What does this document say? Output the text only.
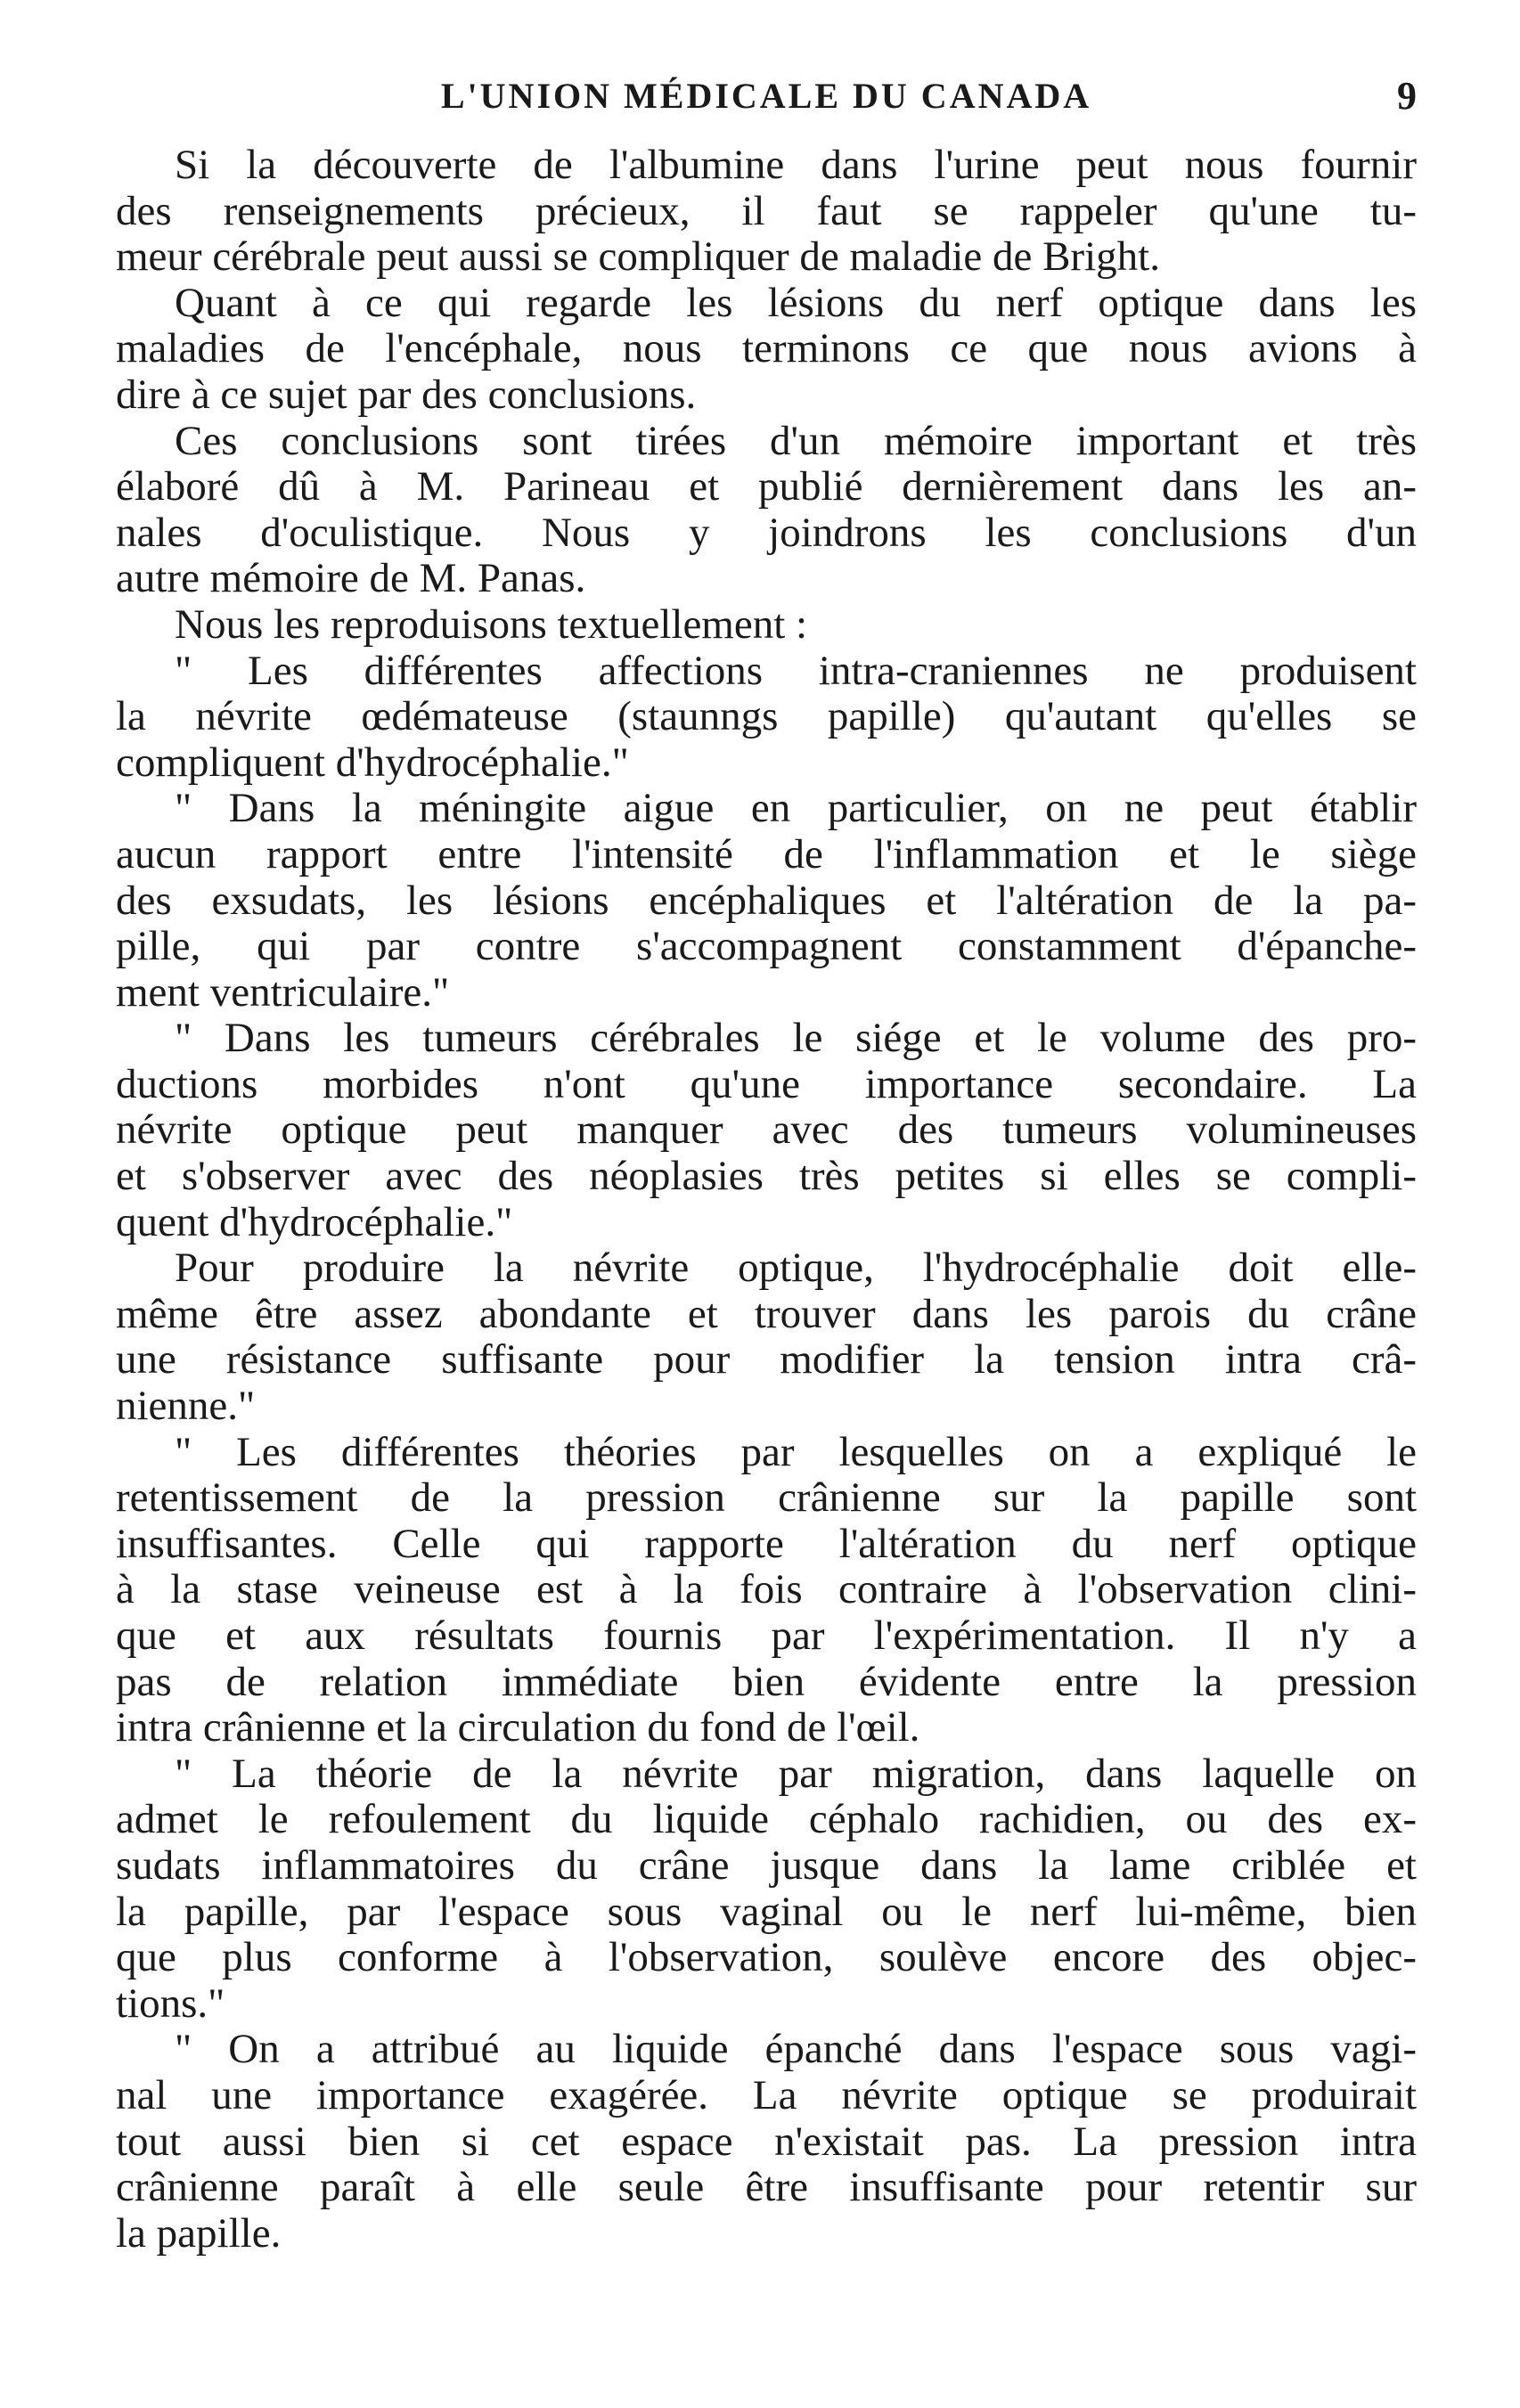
L'UNION MÉDICALE DU CANADA	9
Si la découverte de l'albumine dans l'urine peut nous fournir
des renseignements précieux, il faut se rappeler qu'une tu-
meur cérébrale peut aussi se compliquer de maladie de Bright.
Quant à ce qui regarde les lésions du nerf optique dans les
maladies de l'encéphale, nous terminons ce que nous avions à
dire à ce sujet par des conclusions.
Ces conclusions sont tirées d'un mémoire important et très
élaboré dû à M. Parineau et publié dernièrement dans les an-
nales d'oculistique. Nous y joindrons les conclusions d'un
autre mémoire de M. Panas.
Nous les reproduisons textuellement :
" Les différentes affections intra-craniennes ne produisent
la névrite œdémateuse (staunngs papille) qu'autant qu'elles se
compliquent d'hydrocéphalie."
" Dans la méningite aigue en particulier, on ne peut établir
aucun rapport entre l'intensité de l'inflammation et le siège
des exsudats, les lésions encéphaliques et l'altération de la pa-
pille, qui par contre s'accompagnent constamment d'épanche-
ment ventriculaire."
" Dans les tumeurs cérébrales le siége et le volume des pro-
ductions morbides n'ont qu'une importance secondaire. La
névrite optique peut manquer avec des tumeurs volumineuses
et s'observer avec des néoplasies très petites si elles se compli-
quent d'hydrocéphalie."
Pour produire la névrite optique, l'hydrocéphalie doit elle-
même être assez abondante et trouver dans les parois du crâne
une résistance suffisante pour modifier la tension intra crâ-
nienne."
" Les différentes théories par lesquelles on a expliqué le
retentissement de la pression crânienne sur la papille sont
insuffisantes. Celle qui rapporte l'altération du nerf optique
à la stase veineuse est à la fois contraire à l'observation clini-
que et aux résultats fournis par l'expérimentation. Il n'y a
pas de relation immédiate bien évidente entre la pression
intra crânienne et la circulation du fond de l'œil.
" La théorie de la névrite par migration, dans laquelle on
admet le refoulement du liquide céphalo rachidien, ou des ex-
sudats inflammatoires du crâne jusque dans la lame criblée et
la papille, par l'espace sous vaginal ou le nerf lui-même, bien
que plus conforme à l'observation, soulève encore des objec-
tions."
" On a attribué au liquide épanché dans l'espace sous vagi-
nal une importance exagérée. La névrite optique se produirait
tout aussi bien si cet espace n'existait pas. La pression intra
crânienne paraît à elle seule être insuffisante pour retentir sur
la papille.
